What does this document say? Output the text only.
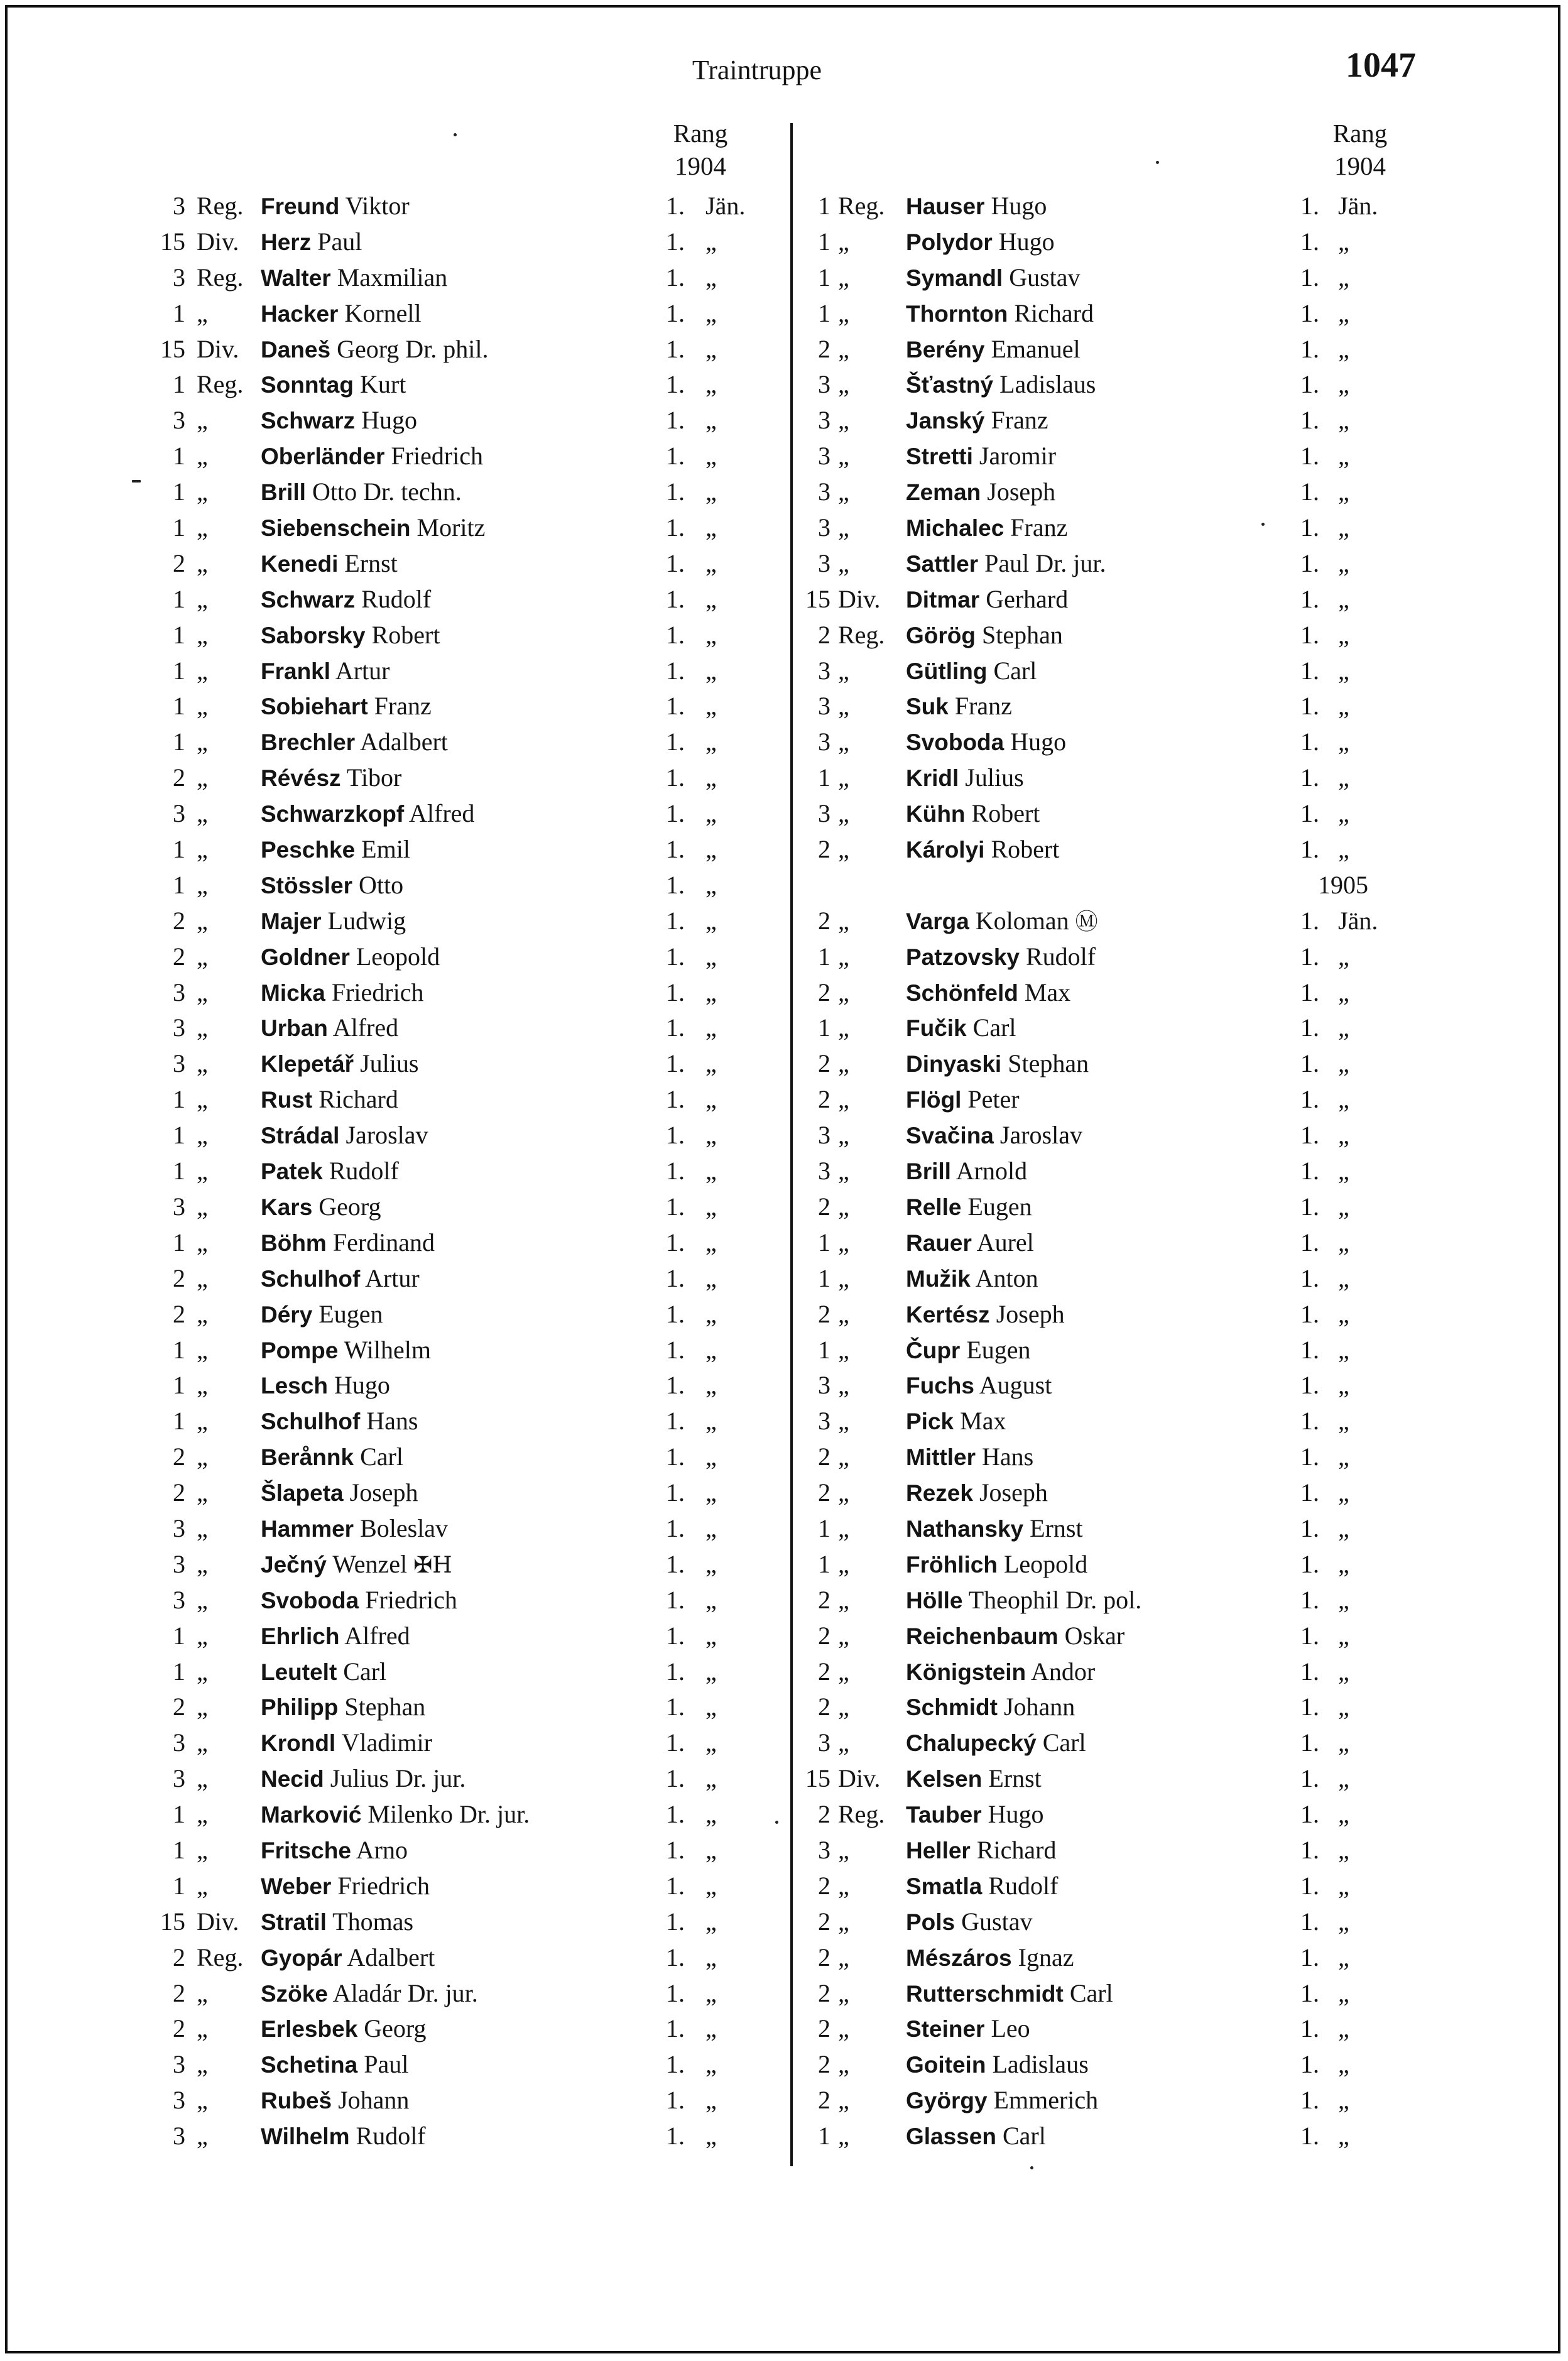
Traintruppe	1047
Rang
1904
Rang
1904
3 Reg. Freund Viktor	1. Jän.
15 Div. Herz Paul	1. „
3 Reg. Walter Maxmilian	1. „
1 „ Hacker Kornell	1. „
15 Div. Daneš Georg Dr. phil.	1. „
1 Reg. Sonntag Kurt	1. „
3 „ Schwarz Hugo	1. „
1 „ Oberländer Friedrich	1. „
1 „ Brill Otto Dr. techn.	1. „
1 „ Siebenschein Moritz	1. „
2 „ Kenedi Ernst	1. „
1 „ Schwarz Rudolf	1. „
1 „ Saborsky Robert	1. „
1 „ Frankl Artur	1. „
1 „ Sobiehart Franz	1. „
1 „ Brechler Adalbert	1. „
2 „ Révész Tibor	1. „
3 „ Schwarzkopf Alfred	1. „
1 „ Peschke Emil	1. „
1 „ Stössler Otto	1. „
2 „ Majer Ludwig	1. „
2 „ Goldner Leopold	1. „
3 „ Micka Friedrich	1. „
3 „ Urban Alfred	1. „
3 „ Klepetář Julius	1. „
1 „ Rust Richard	1. „
1 „ Strádal Jaroslav	1. „
1 „ Patek Rudolf	1. „
3 „ Kars Georg	1. „
1 „ Böhm Ferdinand	1. „
2 „ Schulhof Artur	1. „
2 „ Déry Eugen	1. „
1 „ Pompe Wilhelm	1. „
1 „ Lesch Hugo	1. „
1 „ Schulhof Hans	1. „
2 „ Berånnk Carl	1. „
2 „ Šlapeta Joseph	1. „
3 „ Hammer Boleslav	1. „
3 „ Ječný Wenzel ✠H	1. „
3 „ Svoboda Friedrich	1. „
1 „ Ehrlich Alfred	1. „
1 „ Leutelt Carl	1. „
2 „ Philipp Stephan	1. „
3 „ Krondl Vladimir	1. „
3 „ Necid Julius Dr. jur.	1. „
1 „ Marković Milenko Dr. jur.	1. „
1 „ Fritsche Arno	1. „
1 „ Weber Friedrich	1. „
15 Div. Stratil Thomas	1. „
2 Reg. Gyopár Adalbert	1. „
2 „ Szöke Aladár Dr. jur.	1. „
2 „ Erlesbek Georg	1. „
3 „ Schetina Paul	1. „
3 „ Rubeš Johann	1. „
3 „ Wilhelm Rudolf	1. „
1 Reg. Hauser Hugo	1. Jän.
1 „ Polydor Hugo	1. „
1 „ Symandl Gustav	1. „
1 „ Thornton Richard	1. „
2 „ Berény Emanuel	1. „
3 „ Šťastný Ladislaus	1. „
3 „ Janský Franz	1. „
3 „ Stretti Jaromir	1. „
3 „ Zeman Joseph	1. „
3 „ Michalec Franz	1. „
3 „ Sattler Paul Dr. jur.	1. „
15 Div. Ditmar Gerhard	1. „
2 Reg. Görög Stephan	1. „
3 „ Gütling Carl	1. „
3 „ Suk Franz	1. „
3 „ Svoboda Hugo	1. „
1 „ Kridl Julius	1. „
3 „ Kühn Robert	1. „
2 „ Károlyi Robert	1. „
1905
2 „ Varga Koloman Ⓜ	1. Jän.
1 „ Patzovsky Rudolf	1. „
2 „ Schönfeld Max	1. „
1 „ Fučik Carl	1. „
2 „ Dinyaski Stephan	1. „
2 „ Flögl Peter	1. „
3 „ Svačina Jaroslav	1. „
3 „ Brill Arnold	1. „
2 „ Relle Eugen	1. „
1 „ Rauer Aurel	1. „
1 „ Mužik Anton	1. „
2 „ Kertész Joseph	1. „
1 „ Čupr Eugen	1. „
3 „ Fuchs August	1. „
3 „ Pick Max	1. „
2 „ Mittler Hans	1. „
2 „ Rezek Joseph	1. „
1 „ Nathansky Ernst	1. „
1 „ Fröhlich Leopold	1. „
2 „ Hölle Theophil Dr. pol.	1. „
2 „ Reichenbaum Oskar	1. „
2 „ Königstein Andor	1. „
2 „ Schmidt Johann	1. „
3 „ Chalupecký Carl	1. „
15 Div. Kelsen Ernst	1. „
2 Reg. Tauber Hugo	1. „
3 „ Heller Richard	1. „
2 „ Smatla Rudolf	1. „
2 „ Pols Gustav	1. „
2 „ Mészáros Ignaz	1. „
2 „ Rutterschmidt Carl	1. „
2 „ Steiner Leo	1. „
2 „ Goitein Ladislaus	1. „
2 „ György Emmerich	1. „
1 „ Glassen Carl	1. „
